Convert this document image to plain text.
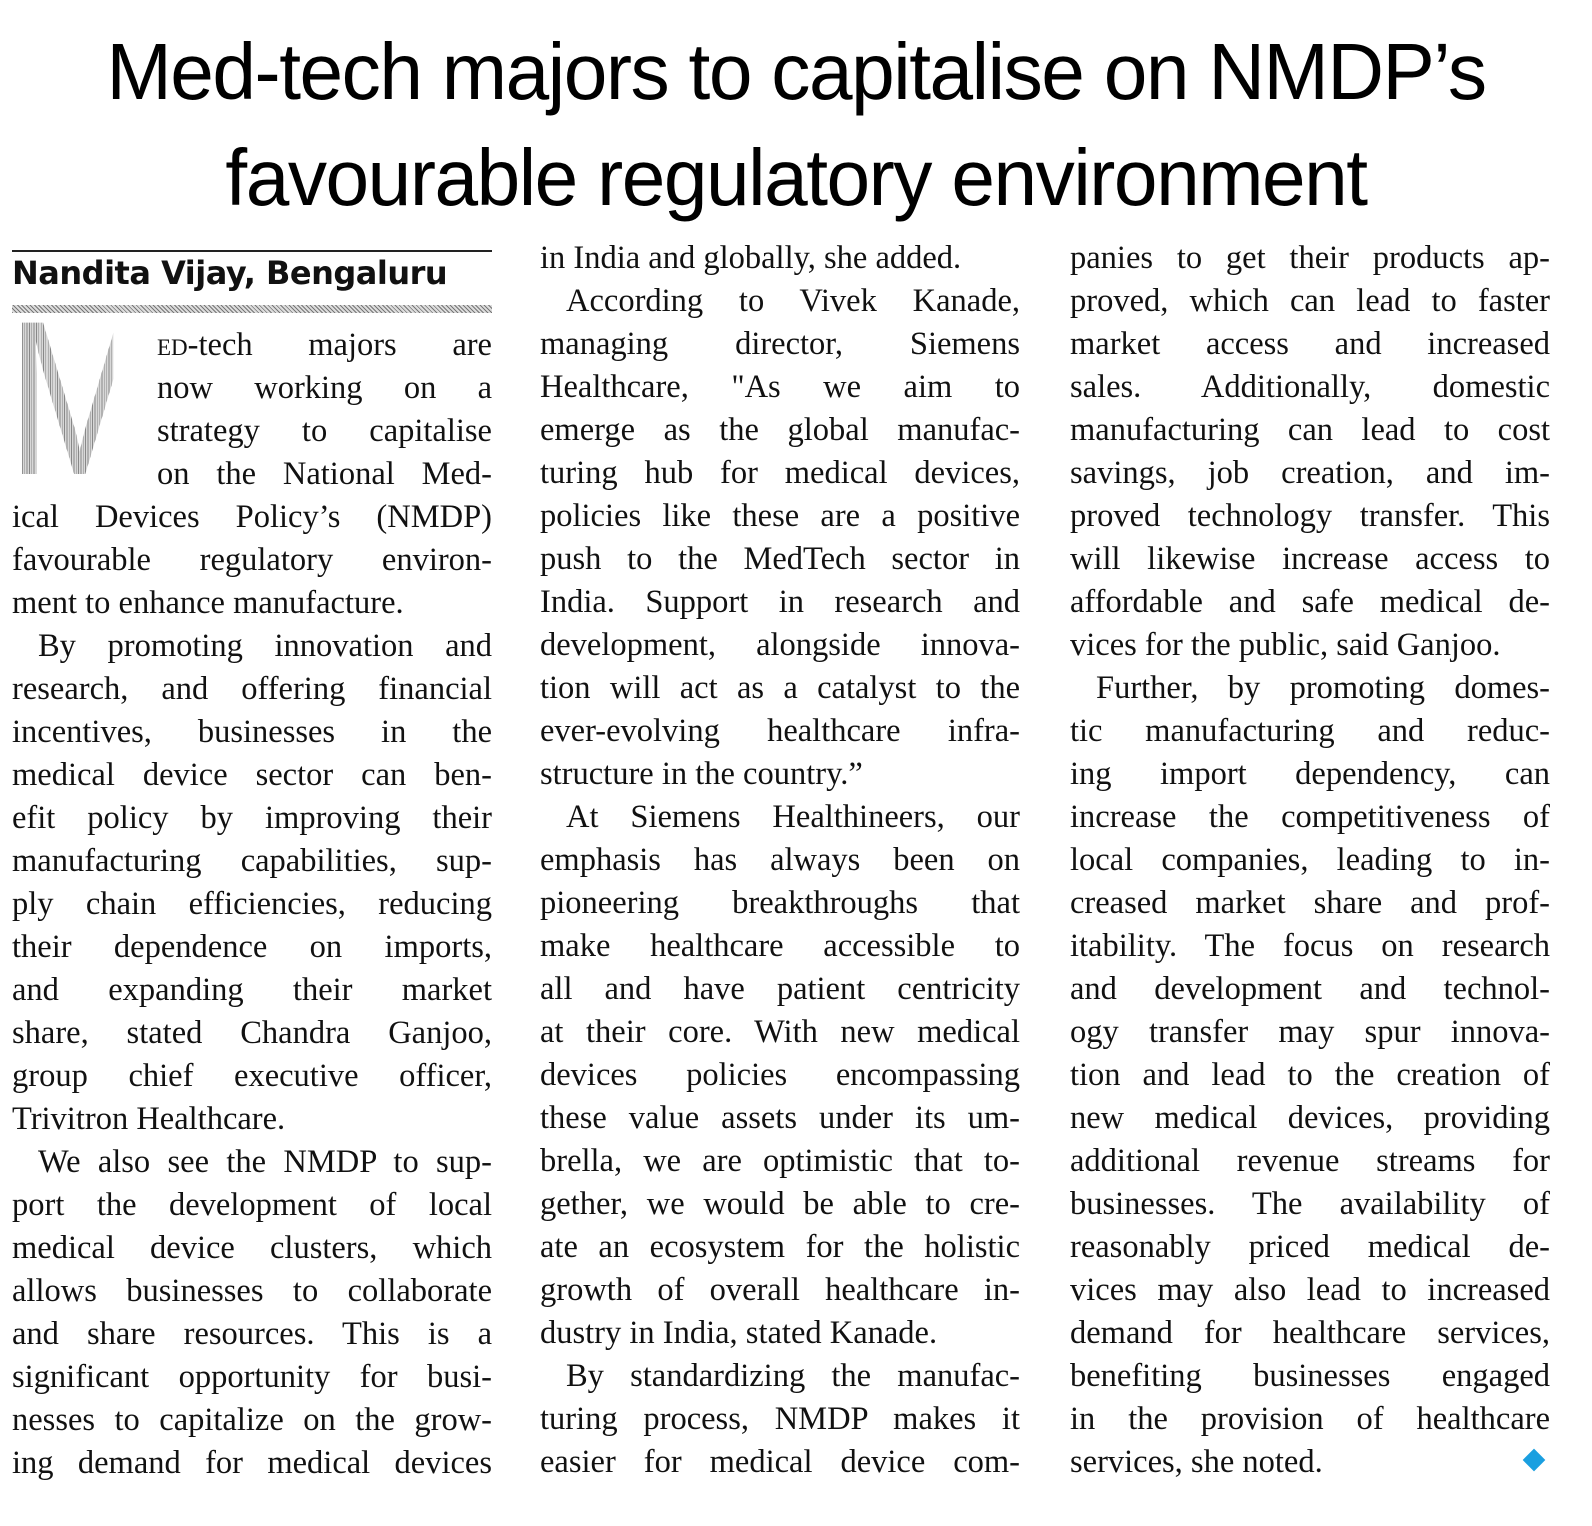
Med-tech majors to capitalise on NMDP’s
favourable regulatory environment
Nandita Vijay, Bengaluru
M ed-tech majors are
now working on a
strategy to capitalise
on the National Med-
ical Devices Policy’s (NMDP)
favourable regulatory environ-
ment to enhance manufacture.
By promoting innovation and
research, and offering financial
incentives, businesses in the
medical device sector can ben-
efit policy by improving their
manufacturing capabilities, sup-
ply chain efficiencies, reducing
their dependence on imports,
and expanding their market
share, stated Chandra Ganjoo,
group chief executive officer,
Trivitron Healthcare.
We also see the NMDP to sup-
port the development of local
medical device clusters, which
allows businesses to collaborate
and share resources. This is a
significant opportunity for busi-
nesses to capitalize on the grow-
ing demand for medical devices
in India and globally, she added.
According to Vivek Kanade,
managing director, Siemens
Healthcare, "As we aim to
emerge as the global manufac-
turing hub for medical devices,
policies like these are a positive
push to the MedTech sector in
India. Support in research and
development, alongside innova-
tion will act as a catalyst to the
ever-evolving healthcare infra-
structure in the country.”
At Siemens Healthineers, our
emphasis has always been on
pioneering breakthroughs that
make healthcare accessible to
all and have patient centricity
at their core. With new medical
devices policies encompassing
these value assets under its um-
brella, we are optimistic that to-
gether, we would be able to cre-
ate an ecosystem for the holistic
growth of overall healthcare in-
dustry in India, stated Kanade.
By standardizing the manufac-
turing process, NMDP makes it
easier for medical device com-
panies to get their products ap-
proved, which can lead to faster
market access and increased
sales. Additionally, domestic
manufacturing can lead to cost
savings, job creation, and im-
proved technology transfer. This
will likewise increase access to
affordable and safe medical de-
vices for the public, said Ganjoo.
Further, by promoting domes-
tic manufacturing and reduc-
ing import dependency, can
increase the competitiveness of
local companies, leading to in-
creased market share and prof-
itability. The focus on research
and development and technol-
ogy transfer may spur innova-
tion and lead to the creation of
new medical devices, providing
additional revenue streams for
businesses. The availability of
reasonably priced medical de-
vices may also lead to increased
demand for healthcare services,
benefiting businesses engaged
in the provision of healthcare
services, she noted.
